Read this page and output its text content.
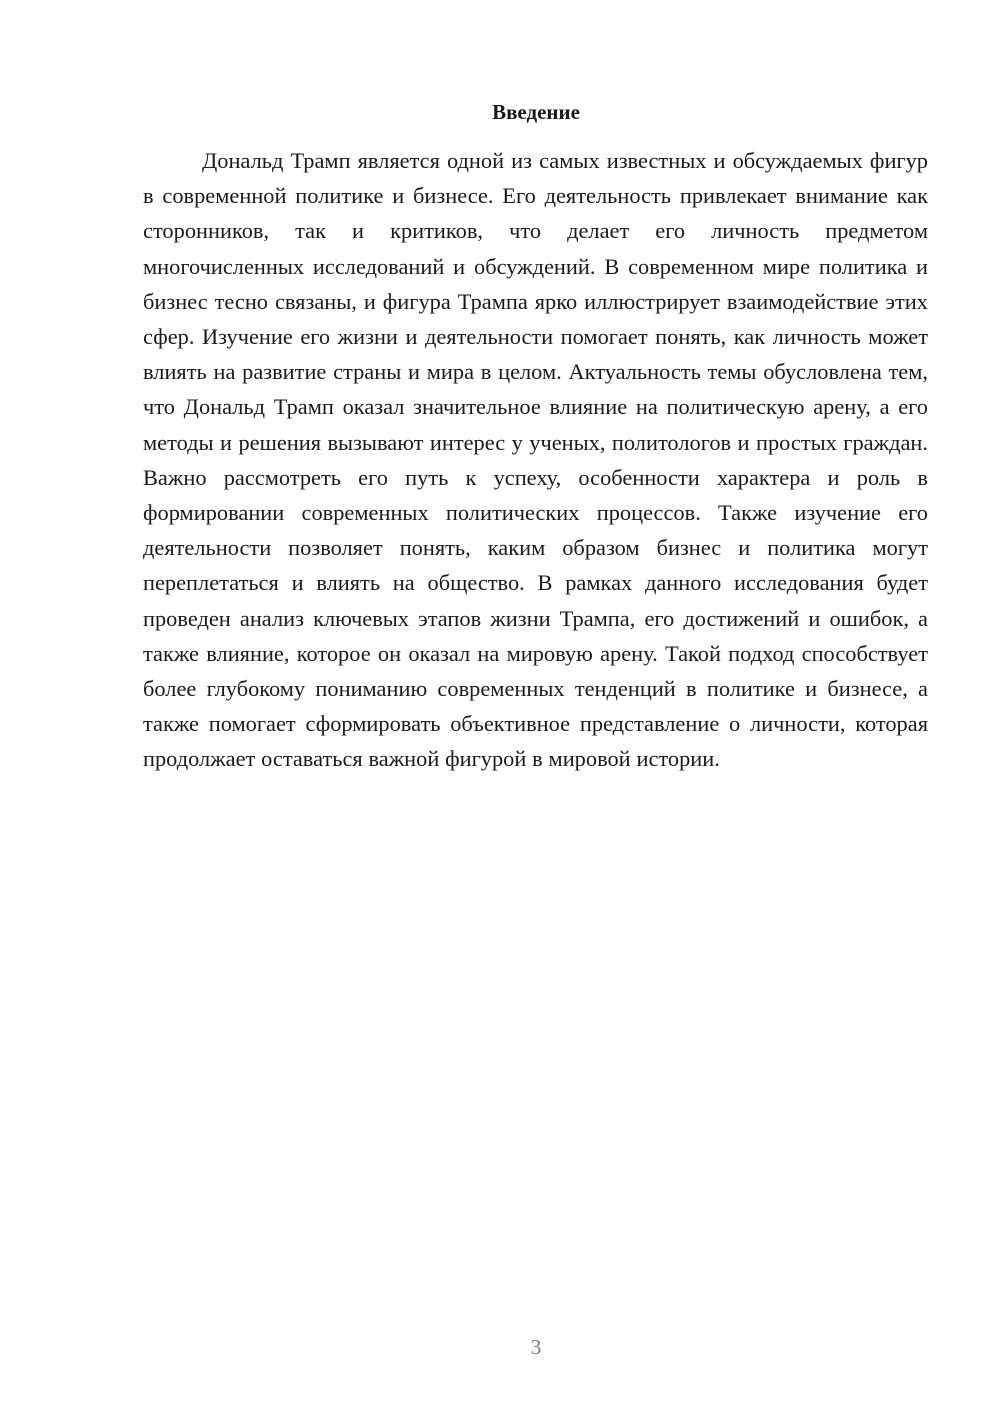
Введение

Дональд Трамп является одной из самых известных и обсуждаемых фигур в современной политике и бизнесе. Его деятельность привлекает внимание как сторонников, так и критиков, что делает его личность предметом многочисленных исследований и обсуждений. В современном мире политика и бизнес тесно связаны, и фигура Трампа ярко иллюстрирует взаимодействие этих сфер. Изучение его жизни и деятельности помогает понять, как личность может влиять на развитие страны и мира в целом. Актуальность темы обусловлена тем, что Дональд Трамп оказал значительное влияние на политическую арену, а его методы и решения вызывают интерес у ученых, политологов и простых граждан. Важно рассмотреть его путь к успеху, особенности характера и роль в формировании современных политических процессов. Также изучение его деятельности позволяет понять, каким образом бизнес и политика могут переплетаться и влиять на общество. В рамках данного исследования будет проведен анализ ключевых этапов жизни Трампа, его достижений и ошибок, а также влияние, которое он оказал на мировую арену. Такой подход способствует более глубокому пониманию современных тенденций в политике и бизнесе, а также помогает сформировать объективное представление о личности, которая продолжает оставаться важной фигурой в мировой истории.

3
